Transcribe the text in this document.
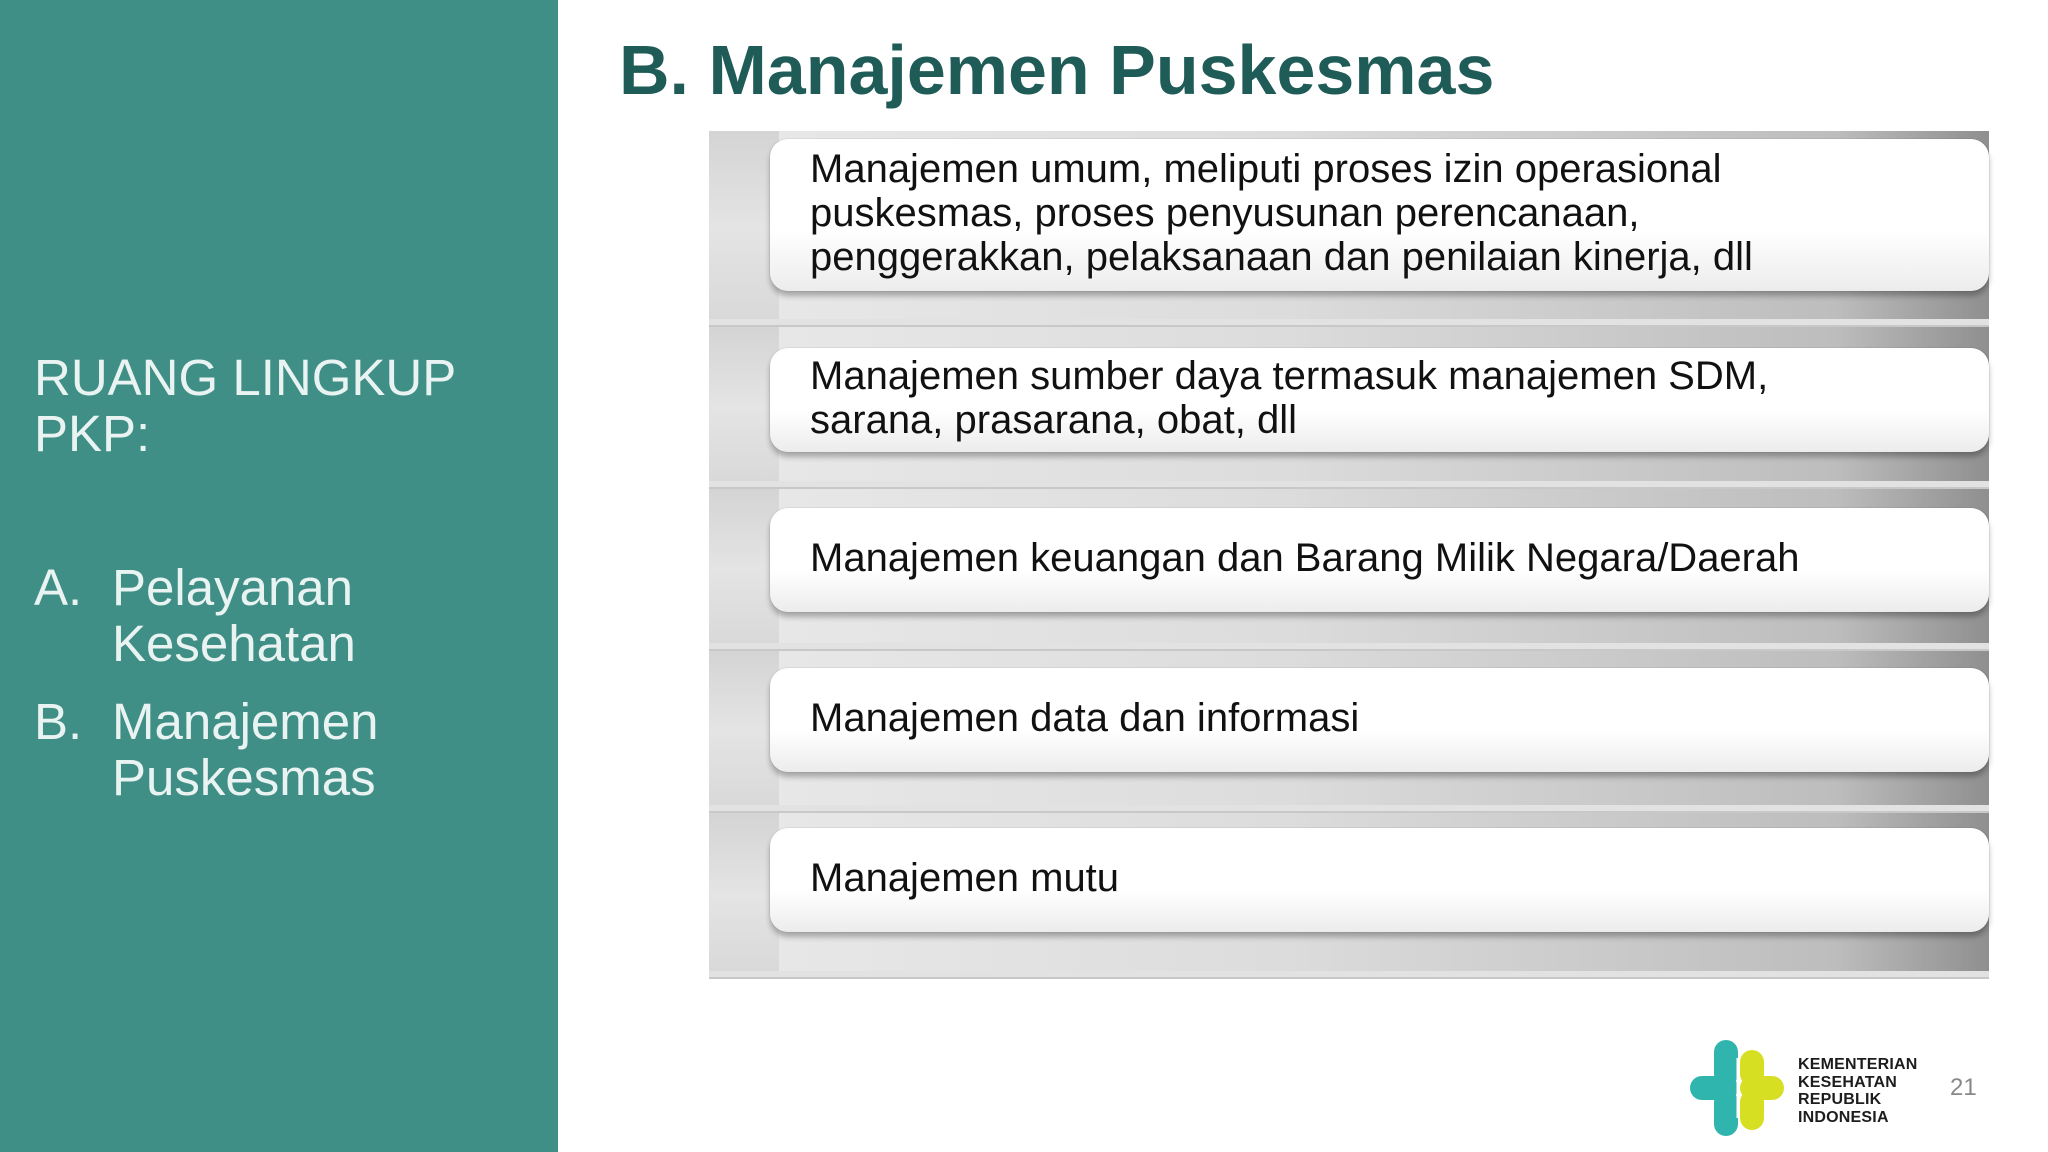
RUANG LINGKUP
PKP:
A. Pelayanan
Kesehatan
B. Manajemen
Puskesmas
B. Manajemen Puskesmas
Manajemen umum, meliputi proses izin operasional
puskesmas, proses penyusunan perencanaan,
penggerakkan, pelaksanaan dan penilaian kinerja, dll
Manajemen sumber daya termasuk manajemen SDM,
sarana, prasarana, obat, dll
Manajemen keuangan dan Barang Milik Negara/Daerah
Manajemen data dan informasi
Manajemen mutu
KEMENTERIAN
KESEHATAN
REPUBLIK
INDONESIA
21
